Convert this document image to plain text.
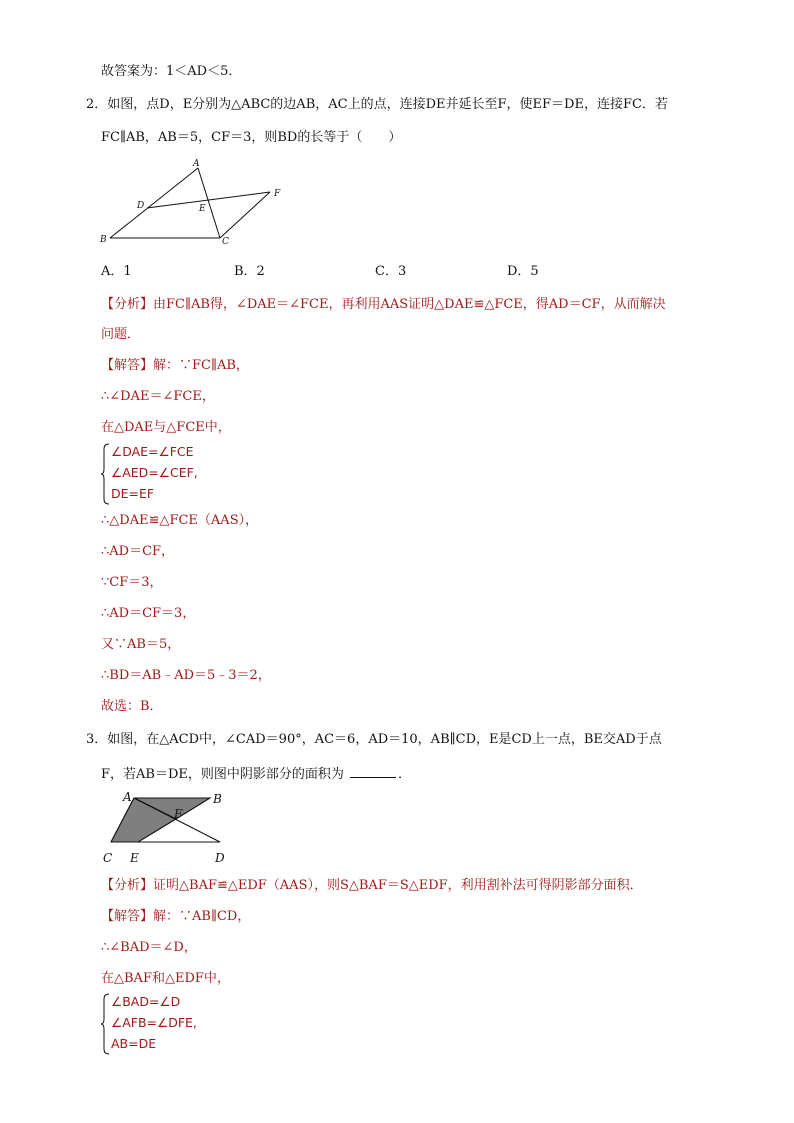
故答案为：1＜AD＜5．
2．如图，点D，E分别为△ABC的边AB，AC上的点，连接DE并延长至F，使EF＝DE，连接FC．若
FC∥AB，AB＝5，CF＝3，则BD的长等于（　　）
A
B	C
D	E
F
A．1	B．2	C．3	D．5
【分析】由FC∥AB得，∠DAE＝∠FCE，再利用AAS证明△DAE≌△FCE，得AD＝CF，从而解决
问题．
【解答】解：∵FC∥AB，
∴∠DAE＝∠FCE，
在△DAE与△FCE中，
∠DAE=∠FCE
∠AED=∠CEF,
DE=EF
∴△DAE≌△FCE（AAS），
∴AD＝CF，
∵CF＝3，
∴AD＝CF＝3，
又∵AB＝5，
∴BD＝AB﹣AD＝5﹣3＝2，
故选：B．
3．如图，在△ACD中，∠CAD＝90°，AC＝6，AD＝10，AB∥CD，E是CD上一点，BE交AD于点
F，若AB＝DE，则图中阴影部分的面积为	．
A	B
C	D
E
F
【分析】证明△BAF≌△EDF（AAS），则S△BAF＝S△EDF，利用割补法可得阴影部分面积．
【解答】解：∵AB∥CD，
∴∠BAD＝∠D，
在△BAF和△EDF中，
∠BAD=∠D
∠AFB=∠DFE,
AB=DE
